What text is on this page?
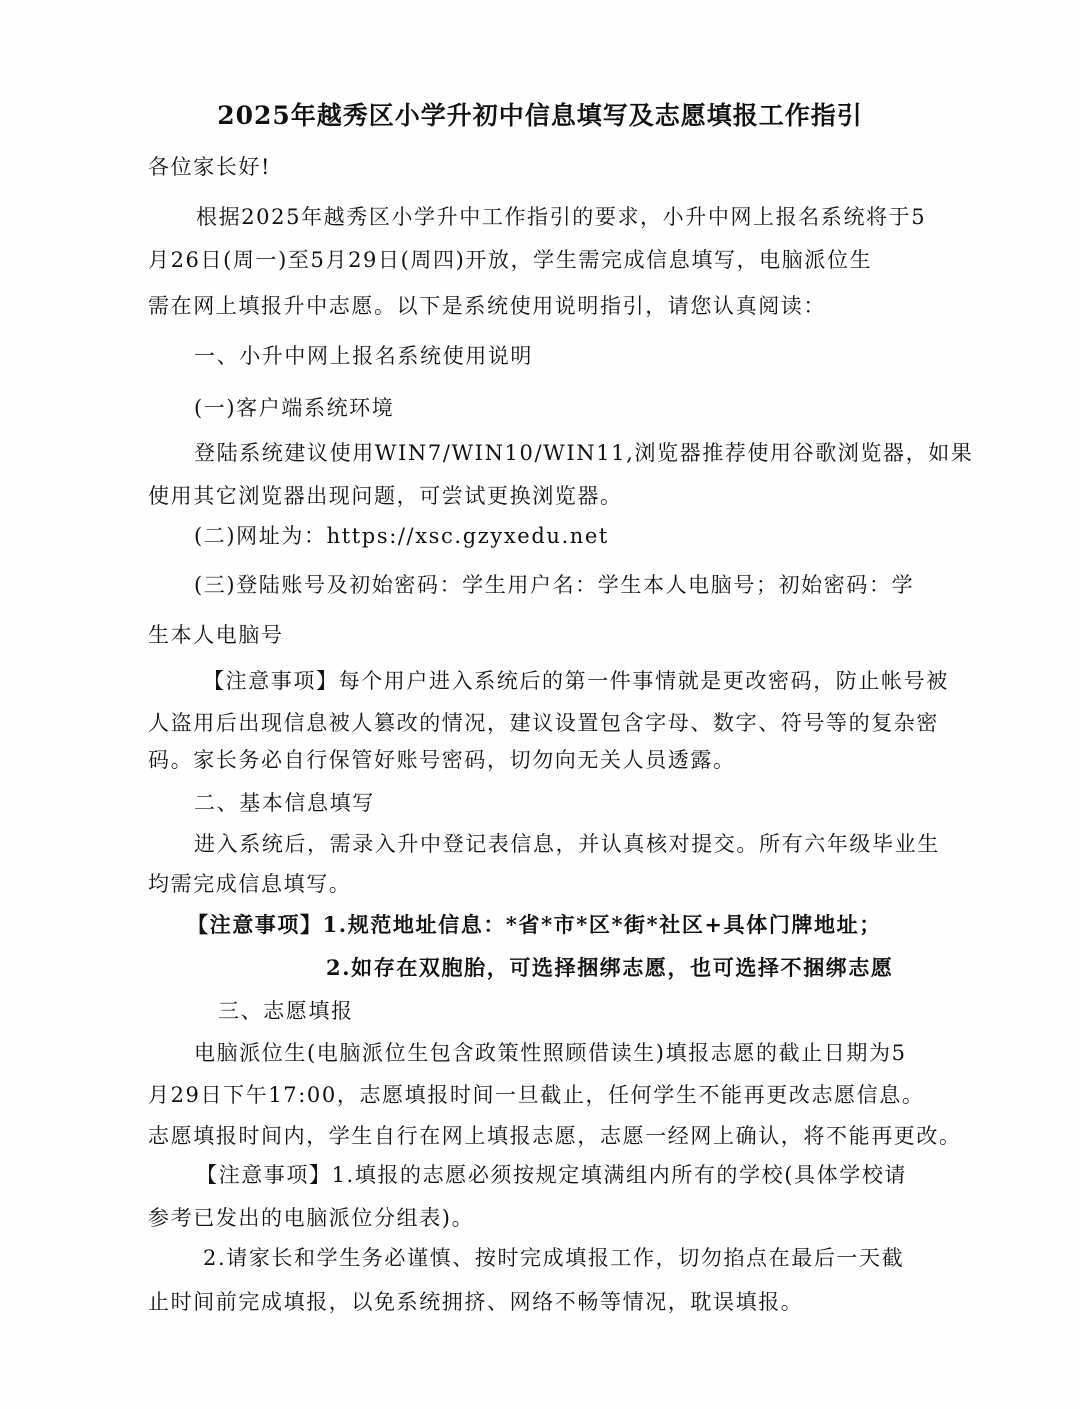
2025年越秀区小学升初中信息填写及志愿填报工作指引
各位家长好!
根据2025年越秀区小学升中工作指引的要求，小升中网上报名系统将于5
月26日(周一)至5月29日(周四)开放，学生需完成信息填写，电脑派位生
需在网上填报升中志愿。以下是系统使用说明指引，请您认真阅读：
一、小升中网上报名系统使用说明
(一)客户端系统环境
登陆系统建议使用WIN7/WIN10/WIN11,浏览器推荐使用谷歌浏览器，如果
使用其它浏览器出现问题，可尝试更换浏览器。
(二)网址为：https://xsc.gzyxedu.net
(三)登陆账号及初始密码：学生用户名：学生本人电脑号；初始密码：学
生本人电脑号
【注意事项】每个用户进入系统后的第一件事情就是更改密码，防止帐号被
人盗用后出现信息被人篡改的情况，建议设置包含字母、数字、符号等的复杂密
码。家长务必自行保管好账号密码，切勿向无关人员透露。
二、基本信息填写
进入系统后，需录入升中登记表信息，并认真核对提交。所有六年级毕业生
均需完成信息填写。
【注意事项】1.规范地址信息：*省*市*区*街*社区+具体门牌地址；
2.如存在双胞胎，可选择捆绑志愿，也可选择不捆绑志愿
三、志愿填报
电脑派位生(电脑派位生包含政策性照顾借读生)填报志愿的截止日期为5
月29日下午17:00，志愿填报时间一旦截止，任何学生不能再更改志愿信息。
志愿填报时间内，学生自行在网上填报志愿，志愿一经网上确认，将不能再更改。
【注意事项】1.填报的志愿必须按规定填满组内所有的学校(具体学校请
参考已发出的电脑派位分组表)。
2.请家长和学生务必谨慎、按时完成填报工作，切勿掐点在最后一天截
止时间前完成填报，以免系统拥挤、网络不畅等情况，耽误填报。
